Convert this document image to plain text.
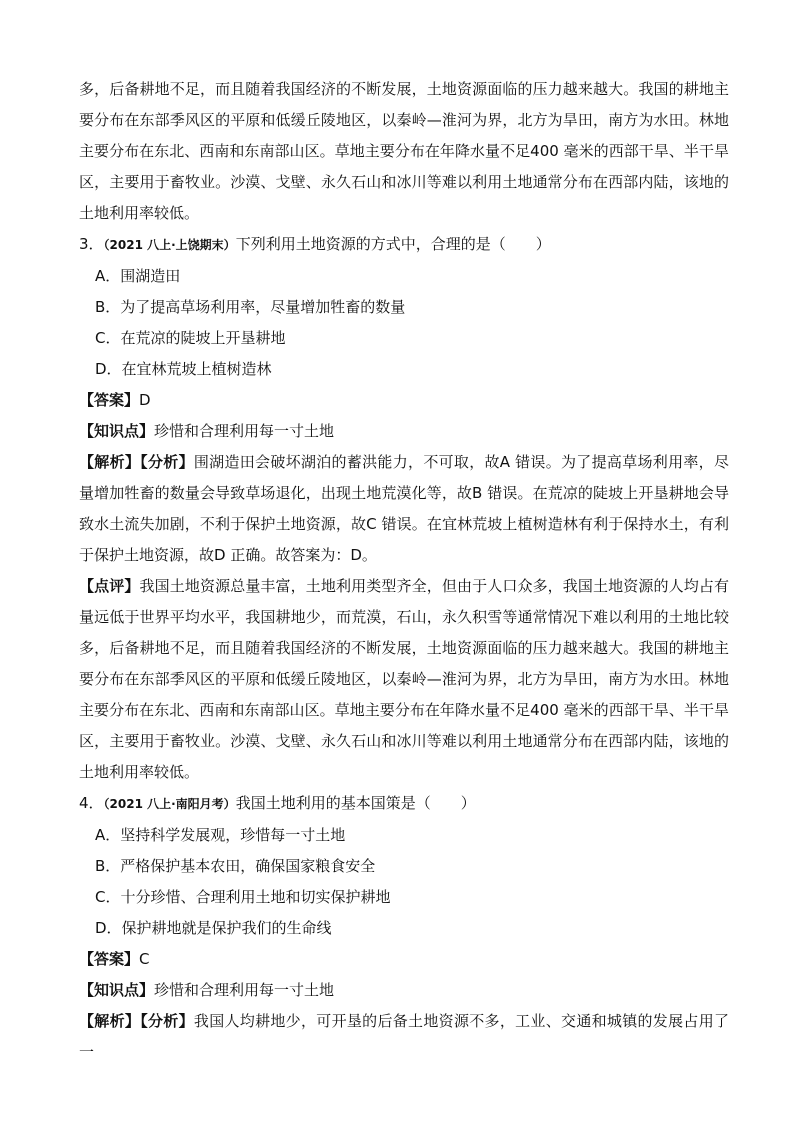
多，后备耕地不足，而且随着我国经济的不断发展，土地资源面临的压力越来越大。我国的耕地主要分布在东部季风区的平原和低缓丘陵地区，以秦岭—淮河为界，北方为旱田，南方为水田。林地主要分布在东北、西南和东南部山区。草地主要分布在年降水量不足400 毫米的西部干旱、半干旱区，主要用于畜牧业。沙漠、戈壁、永久石山和冰川等难以利用土地通常分布在西部内陆，该地的土地利用率较低。

3．（2021 八上·上饶期末）下列利用土地资源的方式中，合理的是（　　）

A．围湖造田

B．为了提高草场利用率，尽量增加牲畜的数量

C．在荒凉的陡坡上开垦耕地

D．在宜林荒坡上植树造林

【答案】D

【知识点】珍惜和合理利用每一寸土地

【解析】【分析】围湖造田会破坏湖泊的蓄洪能力，不可取，故A 错误。为了提高草场利用率，尽量增加牲畜的数量会导致草场退化，出现土地荒漠化等，故B 错误。在荒凉的陡坡上开垦耕地会导致水土流失加剧，不利于保护土地资源，故C 错误。在宜林荒坡上植树造林有利于保持水土，有利于保护土地资源，故D 正确。故答案为：D。

【点评】我国土地资源总量丰富，土地利用类型齐全，但由于人口众多，我国土地资源的人均占有量远低于世界平均水平，我国耕地少，而荒漠，石山，永久积雪等通常情况下难以利用的土地比较多，后备耕地不足，而且随着我国经济的不断发展，土地资源面临的压力越来越大。我国的耕地主要分布在东部季风区的平原和低缓丘陵地区，以秦岭—淮河为界，北方为旱田，南方为水田。林地主要分布在东北、西南和东南部山区。草地主要分布在年降水量不足400 毫米的西部干旱、半干旱区，主要用于畜牧业。沙漠、戈壁、永久石山和冰川等难以利用土地通常分布在西部内陆，该地的土地利用率较低。

4．（2021 八上·南阳月考）我国土地利用的基本国策是（　　）

A．坚持科学发展观，珍惜每一寸土地

B．严格保护基本农田，确保国家粮食安全

C．十分珍惜、合理利用土地和切实保护耕地

D．保护耕地就是保护我们的生命线

【答案】C

【知识点】珍惜和合理利用每一寸土地

【解析】【分析】我国人均耕地少，可开垦的后备土地资源不多，工业、交通和城镇的发展占用了一
